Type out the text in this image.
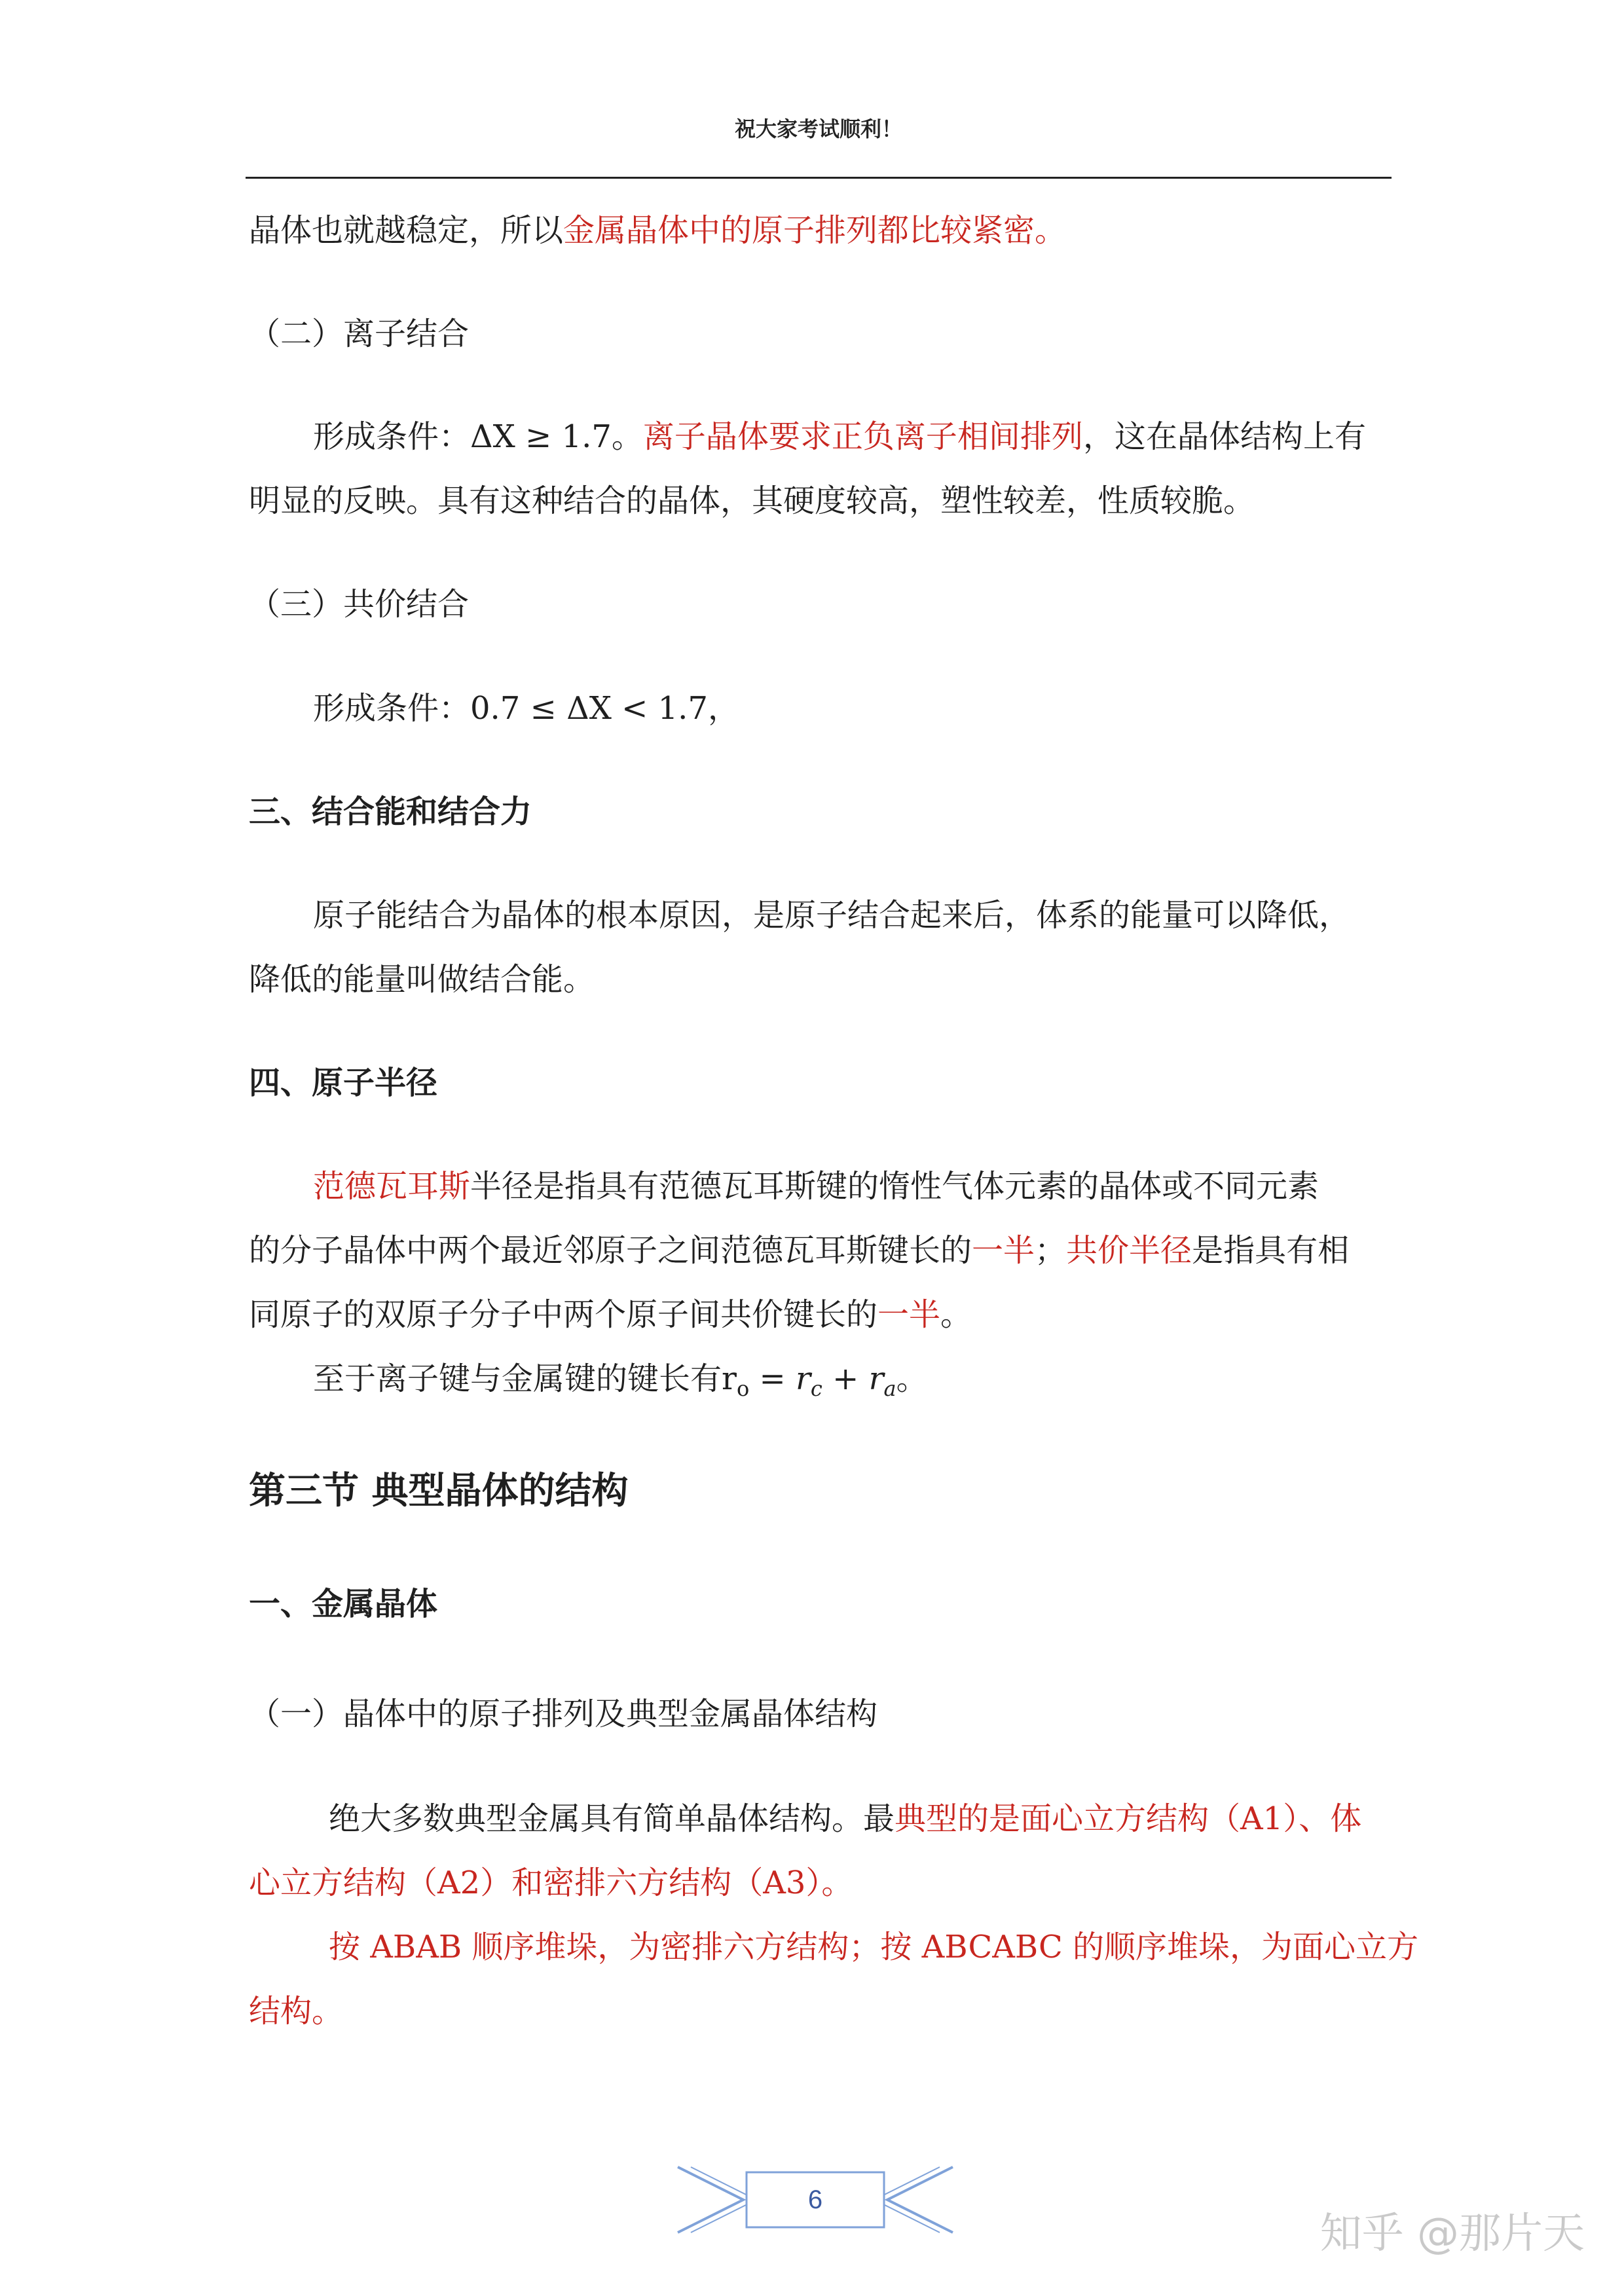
祝大家考试顺利！
晶体也就越稳定，所以金属晶体中的原子排列都比较紧密。
（二）离子结合
形成条件：ΔX ≥ 1.7。离子晶体要求正负离子相间排列，这在晶体结构上有
明显的反映。具有这种结合的晶体，其硬度较高，塑性较差，性质较脆。
（三）共价结合
形成条件：0.7 ≤ ΔX < 1.7，
三、结合能和结合力
原子能结合为晶体的根本原因，是原子结合起来后，体系的能量可以降低，
降低的能量叫做结合能。
四、原子半径
范德瓦耳斯半径是指具有范德瓦耳斯键的惰性气体元素的晶体或不同元素
的分子晶体中两个最近邻原子之间范德瓦耳斯键长的一半；共价半径是指具有相
同原子的双原子分子中两个原子间共价键长的一半。
至于离子键与金属键的键长有$r_o = r_c + r_a$。
第三节 典型晶体的结构
一、金属晶体
（一）晶体中的原子排列及典型金属晶体结构
绝大多数典型金属具有简单晶体结构。最典型的是面心立方结构（A1）、体
心立方结构（A2）和密排六方结构（A3）。
按 ABAB 顺序堆垛，为密排六方结构；按 ABCABC 的顺序堆垛，为面心立方
结构。
6
知乎 @那片天
